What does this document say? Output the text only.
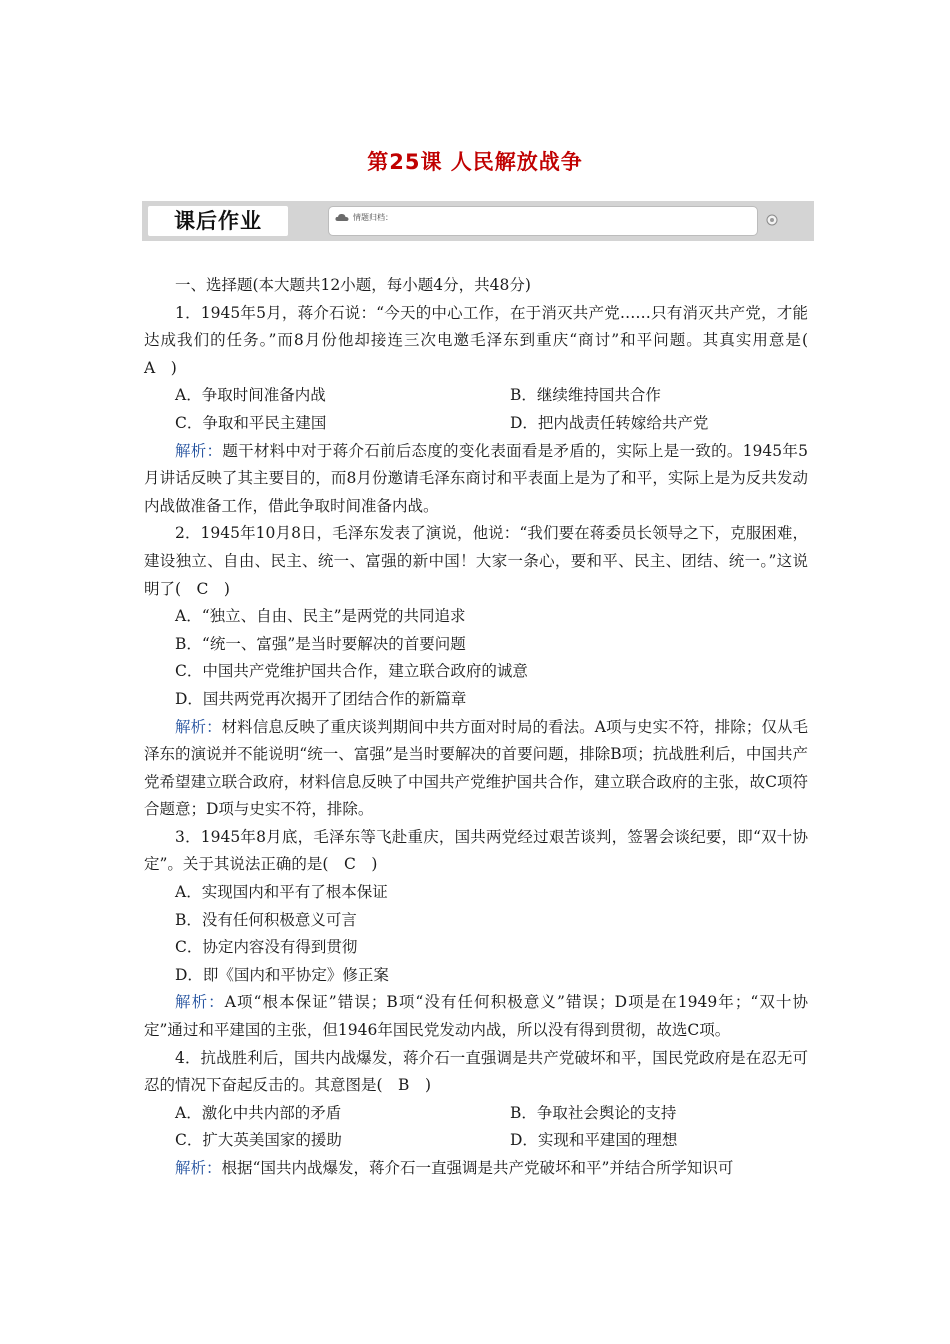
第25课 人民解放战争
课后作业	情题归档：

一、选择题(本大题共12小题，每小题4分，共48分)

1．1945年5月，蒋介石说：“今天的中心工作，在于消灭共产党……只有消灭共产党，才能达成我们的任务。”而8月份他却接连三次电邀毛泽东到重庆“商讨”和平问题。其真实用意是(　A　)

A．争取时间准备内战	B．继续维持国共合作
C．争取和平民主建国	D．把内战责任转嫁给共产党

解析：题干材料中对于蒋介石前后态度的变化表面看是矛盾的，实际上是一致的。1945年5月讲话反映了其主要目的，而8月份邀请毛泽东商讨和平表面上是为了和平，实际上是为反共发动内战做准备工作，借此争取时间准备内战。

2．1945年10月8日，毛泽东发表了演说，他说：“我们要在蒋委员长领导之下，克服困难，建设独立、自由、民主、统一、富强的新中国！大家一条心，要和平、民主、团结、统一。”这说明了(　C　)

A．“独立、自由、民主”是两党的共同追求

B．“统一、富强”是当时要解决的首要问题

C．中国共产党维护国共合作，建立联合政府的诚意

D．国共两党再次揭开了团结合作的新篇章

解析：材料信息反映了重庆谈判期间中共方面对时局的看法。A项与史实不符，排除；仅从毛泽东的演说并不能说明“统一、富强”是当时要解决的首要问题，排除B项；抗战胜利后，中国共产党希望建立联合政府，材料信息反映了中国共产党维护国共合作，建立联合政府的主张，故C项符合题意；D项与史实不符，排除。

3．1945年8月底，毛泽东等飞赴重庆，国共两党经过艰苦谈判，签署会谈纪要，即“双十协定”。关于其说法正确的是(　C　)

A．实现国内和平有了根本保证

B．没有任何积极意义可言

C．协定内容没有得到贯彻

D．即《国内和平协定》修正案

解析：A项“根本保证”错误；B项“没有任何积极意义”错误；D项是在1949年；“双十协定”通过和平建国的主张，但1946年国民党发动内战，所以没有得到贯彻，故选C项。

4．抗战胜利后，国共内战爆发，蒋介石一直强调是共产党破坏和平，国民党政府是在忍无可忍的情况下奋起反击的。其意图是(　B　)

A．激化中共内部的矛盾	B．争取社会舆论的支持
C．扩大英美国家的援助	D．实现和平建国的理想

解析：根据“国共内战爆发，蒋介石一直强调是共产党破坏和平”并结合所学知识可
